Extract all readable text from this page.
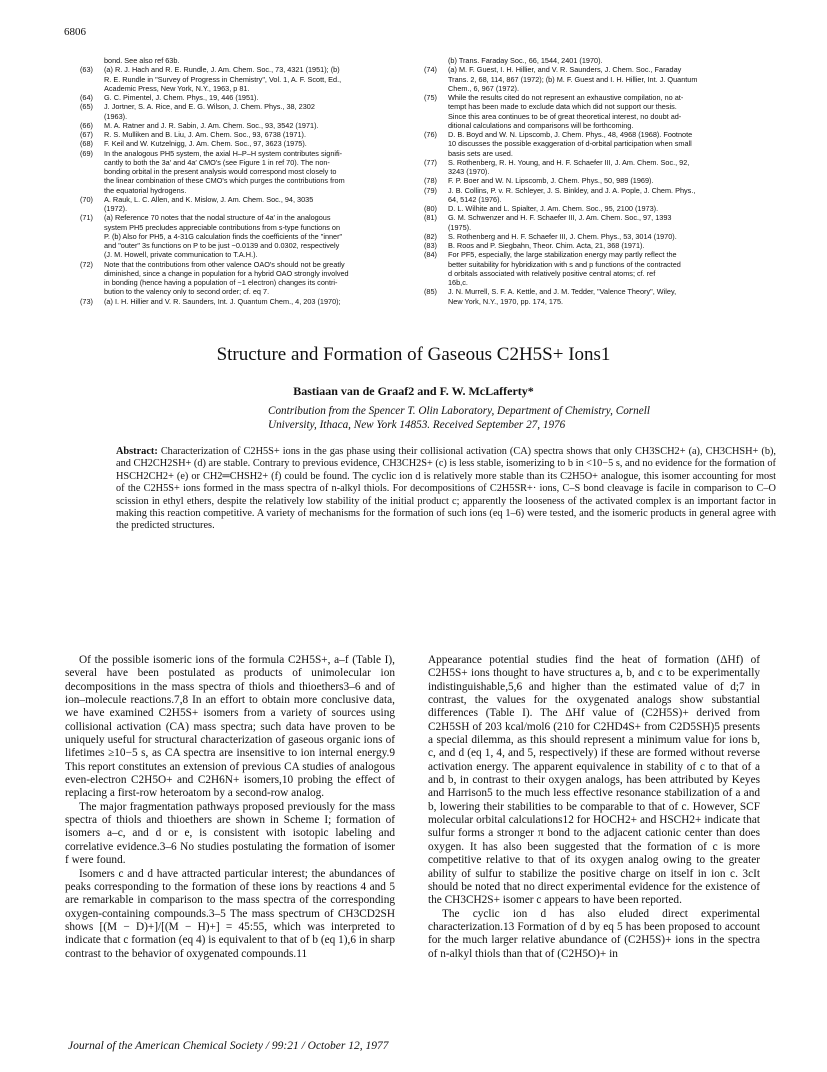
6806
bond. See also ref 63b.
(63)	(a) R. J. Hach and R. E. Rundle, J. Am. Chem. Soc., 73, 4321 (1951); (b)
R. E. Rundle in "Survey of Progress in Chemistry", Vol. 1, A. F. Scott, Ed.,
Academic Press, New York, N.Y., 1963, p 81.
(64)	G. C. Pimentel, J. Chem. Phys., 19, 446 (1951).
(65)	J. Jortner, S. A. Rice, and E. G. Wilson, J. Chem. Phys., 38, 2302
(1963).
(66)	M. A. Ratner and J. R. Sabin, J. Am. Chem. Soc., 93, 3542 (1971).
(67)	R. S. Mulliken and B. Liu, J. Am. Chem. Soc., 93, 6738 (1971).
(68)	F. Keil and W. Kutzelnigg, J. Am. Chem. Soc., 97, 3623 (1975).
(69)	In the analogous PH5 system, the axial H–P–H system contributes signifi-
cantly to both the 3a′ and 4a′ CMO's (see Figure 1 in ref 70). The non-
bonding orbital in the present analysis would correspond most closely to
the linear combination of these CMO's which purges the contributions from
the equatorial hydrogens.
(70)	A. Rauk, L. C. Allen, and K. Mislow, J. Am. Chem. Soc., 94, 3035
(1972).
(71)	(a) Reference 70 notes that the nodal structure of 4a′ in the analogous
system PH5 precludes appreciable contributions from s-type functions on
P. (b) Also for PH5, a 4-31G calculation finds the coefficients of the "inner"
and "outer" 3s functions on P to be just −0.0139 and 0.0302, respectively
(J. M. Howell, private communication to T.A.H.).
(72)	Note that the contributions from other valence OAO's should not be greatly
diminished, since a change in population for a hybrid OAO strongly involved
in bonding (hence having a population of ~1 electron) changes its contri-
bution to the valency only to second order; cf. eq 7.
(73)	(a) I. H. Hillier and V. R. Saunders, Int. J. Quantum Chem., 4, 203 (1970);
(b) Trans. Faraday Soc., 66, 1544, 2401 (1970).
(74)	(a) M. F. Guest, I. H. Hillier, and V. R. Saunders, J. Chem. Soc., Faraday
Trans. 2, 68, 114, 867 (1972); (b) M. F. Guest and I. H. Hillier, Int. J. Quantum
Chem., 6, 967 (1972).
(75)	While the results cited do not represent an exhaustive compilation, no at-
tempt has been made to exclude data which did not support our thesis.
Since this area continues to be of great theoretical interest, no doubt ad-
ditional calculations and comparisons will be forthcoming.
(76)	D. B. Boyd and W. N. Lipscomb, J. Chem. Phys., 48, 4968 (1968). Footnote
10 discusses the possible exaggeration of d-orbital participation when small
basis sets are used.
(77)	S. Rothenberg, R. H. Young, and H. F. Schaefer III, J. Am. Chem. Soc., 92,
3243 (1970).
(78)	F. P. Boer and W. N. Lipscomb, J. Chem. Phys., 50, 989 (1969).
(79)	J. B. Collins, P. v. R. Schleyer, J. S. Binkley, and J. A. Pople, J. Chem. Phys.,
64, 5142 (1976).
(80)	D. L. Wilhite and L. Spialter, J. Am. Chem. Soc., 95, 2100 (1973).
(81)	G. M. Schwenzer and H. F. Schaefer III, J. Am. Chem. Soc., 97, 1393
(1975).
(82)	S. Rothenberg and H. F. Schaefer III, J. Chem. Phys., 53, 3014 (1970).
(83)	B. Roos and P. Siegbahn, Theor. Chim. Acta, 21, 368 (1971).
(84)	For PF5, especially, the large stabilization energy may partly reflect the
better suitability for hybridization with s and p functions of the contracted
d orbitals associated with relatively positive central atoms; cf. ref
16b,c.
(85)	J. N. Murrell, S. F. A. Kettle, and J. M. Tedder, "Valence Theory", Wiley,
New York, N.Y., 1970, pp. 174, 175.
Structure and Formation of Gaseous C2H5S+ Ions1
Bastiaan van de Graaf2 and F. W. McLafferty*
Contribution from the Spencer T. Olin Laboratory, Department of Chemistry, Cornell
University, Ithaca, New York 14853. Received September 27, 1976
Abstract: Characterization of C2H5S+ ions in the gas phase using their collisional activation (CA) spectra shows that only CH3SCH2+ (a), CH3CHSH+ (b), and CH2CH2SH+ (d) are stable. Contrary to previous evidence, CH3CH2S+ (c) is less stable, isomerizing to b in <10−5 s, and no evidence for the formation of HSCH2CH2+ (e) or CH2═CHSH2+ (f) could be found. The cyclic ion d is relatively more stable than its C2H5O+ analogue, this isomer accounting for most of the C2H5S+ ions formed in the mass spectra of n-alkyl thiols. For decompositions of C2H5SR+· ions, C–S bond cleavage is facile in comparison to C–O scission in ethyl ethers, despite the relatively low stability of the initial product c; apparently the looseness of the activated complex is an important factor in making this reaction competitive. A variety of mechanisms for the formation of such ions (eq 1–6) were tested, and the isomeric products in general agree with the predicted structures.

Of the possible isomeric ions of the formula C2H5S+, a–f (Table I), several have been postulated as products of unimolecular ion decompositions in the mass spectra of thiols and thioethers3–6 and of ion–molecule reactions.7,8 In an effort to obtain more conclusive data, we have examined C2H5S+ isomers from a variety of sources using collisional activation (CA) mass spectra; such data have proven to be uniquely useful for structural characterization of gaseous organic ions of lifetimes ≥10−5 s, as CA spectra are insensitive to ion internal energy.9 This report constitutes an extension of previous CA studies of analogous even-electron C2H5O+ and C2H6N+ isomers,10 probing the effect of replacing a first-row heteroatom by a second-row analog.

The major fragmentation pathways proposed previously for the mass spectra of thiols and thioethers are shown in Scheme I; formation of isomers a–c, and d or e, is consistent with isotopic labeling and correlative evidence.3–6 No studies postulating the formation of isomer f were found.

Isomers c and d have attracted particular interest; the abundances of peaks corresponding to the formation of these ions by reactions 4 and 5 are remarkable in comparison to the mass spectra of the corresponding oxygen-containing compounds.3–5 The mass spectrum of CH3CD2SH shows [(M − D)+]/[(M − H)+] = 45:55, which was interpreted to indicate that c formation (eq 4) is equivalent to that of b (eq 1),6 in sharp contrast to the behavior of oxygenated compounds.11

Appearance potential studies find the heat of formation (ΔHf) of C2H5S+ ions thought to have structures a, b, and c to be experimentally indistinguishable,5,6 and higher than the estimated value of d;7 in contrast, the values for the oxygenated analogs show substantial differences (Table I). The ΔHf value of (C2H5S)+ derived from C2H5SH of 203 kcal/mol6 (210 for C2HD4S+ from C2D5SH)5 presents a special dilemma, as this should represent a minimum value for ions b, c, and d (eq 1, 4, and 5, respectively) if these are formed without reverse activation energy. The apparent equivalence in stability of c to that of a and b, in contrast to their oxygen analogs, has been attributed by Keyes and Harrison5 to the much less effective resonance stabilization of a and b, lowering their stabilities to be comparable to that of c. However, SCF molecular orbital calculations12 for HOCH2+ and HSCH2+ indicate that sulfur forms a stronger π bond to the adjacent cationic center than does oxygen. It has also been suggested that the formation of c is more competitive relative to that of its oxygen analog owing to the greater ability of sulfur to stabilize the positive charge on itself in ion c. 3cIt should be noted that no direct experimental evidence for the existence of the CH3CH2S+ isomer c appears to have been reported.

The cyclic ion d has also eluded direct experimental characterization.13 Formation of d by eq 5 has been proposed to account for the much larger relative abundance of (C2H5S)+ ions in the spectra of n-alkyl thiols than that of (C2H5O)+ in

Journal of the American Chemical Society / 99:21 / October 12, 1977
